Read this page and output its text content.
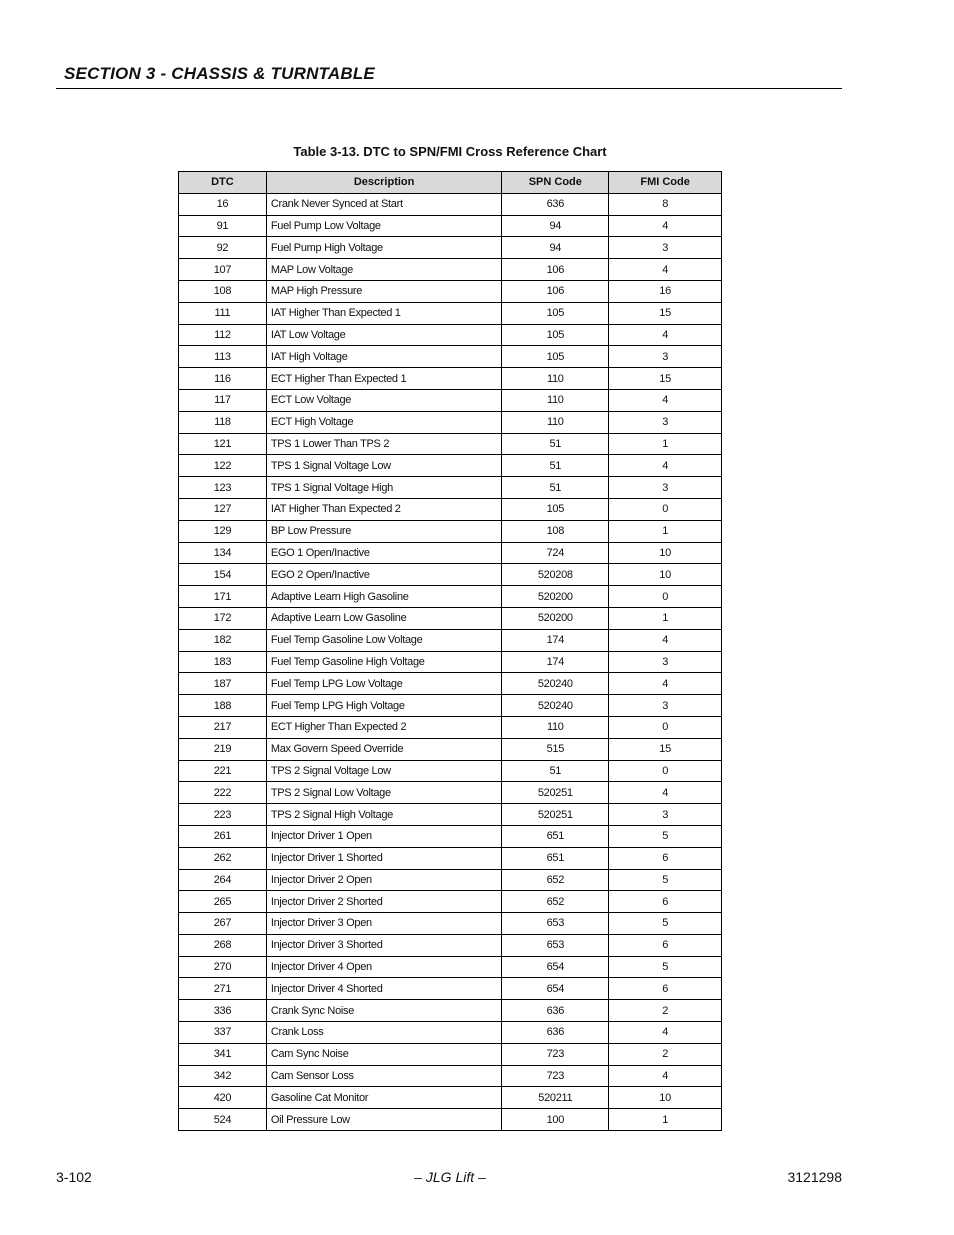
SECTION 3 - CHASSIS & TURNTABLE
Table 3-13. DTC to SPN/FMI Cross Reference Chart
DTC	Description	SPN Code	FMI Code
16	Crank Never Synced at Start	636	8
91	Fuel Pump Low Voltage	94	4
92	Fuel Pump High Voltage	94	3
107	MAP Low Voltage	106	4
108	MAP High Pressure	106	16
111	IAT Higher Than Expected 1	105	15
112	IAT Low Voltage	105	4
113	IAT High Voltage	105	3
116	ECT Higher Than Expected 1	110	15
117	ECT Low Voltage	110	4
118	ECT High Voltage	110	3
121	TPS 1 Lower Than TPS 2	51	1
122	TPS 1 Signal Voltage Low	51	4
123	TPS 1 Signal Voltage High	51	3
127	IAT Higher Than Expected 2	105	0
129	BP Low Pressure	108	1
134	EGO 1 Open/Inactive	724	10
154	EGO 2 Open/Inactive	520208	10
171	Adaptive Learn High Gasoline	520200	0
172	Adaptive Learn Low Gasoline	520200	1
182	Fuel Temp Gasoline Low Voltage	174	4
183	Fuel Temp Gasoline High Voltage	174	3
187	Fuel Temp LPG Low Voltage	520240	4
188	Fuel Temp LPG High Voltage	520240	3
217	ECT Higher Than Expected 2	110	0
219	Max Govern Speed Override	515	15
221	TPS 2 Signal Voltage Low	51	0
222	TPS 2 Signal Low Voltage	520251	4
223	TPS 2 Signal High Voltage	520251	3
261	Injector Driver 1 Open	651	5
262	Injector Driver 1 Shorted	651	6
264	Injector Driver 2 Open	652	5
265	Injector Driver 2 Shorted	652	6
267	Injector Driver 3 Open	653	5
268	Injector Driver 3 Shorted	653	6
270	Injector Driver 4 Open	654	5
271	Injector Driver 4 Shorted	654	6
336	Crank Sync Noise	636	2
337	Crank Loss	636	4
341	Cam Sync Noise	723	2
342	Cam Sensor Loss	723	4
420	Gasoline Cat Monitor	520211	10
524	Oil Pressure Low	100	1
3-102	– JLG Lift –	3121298
